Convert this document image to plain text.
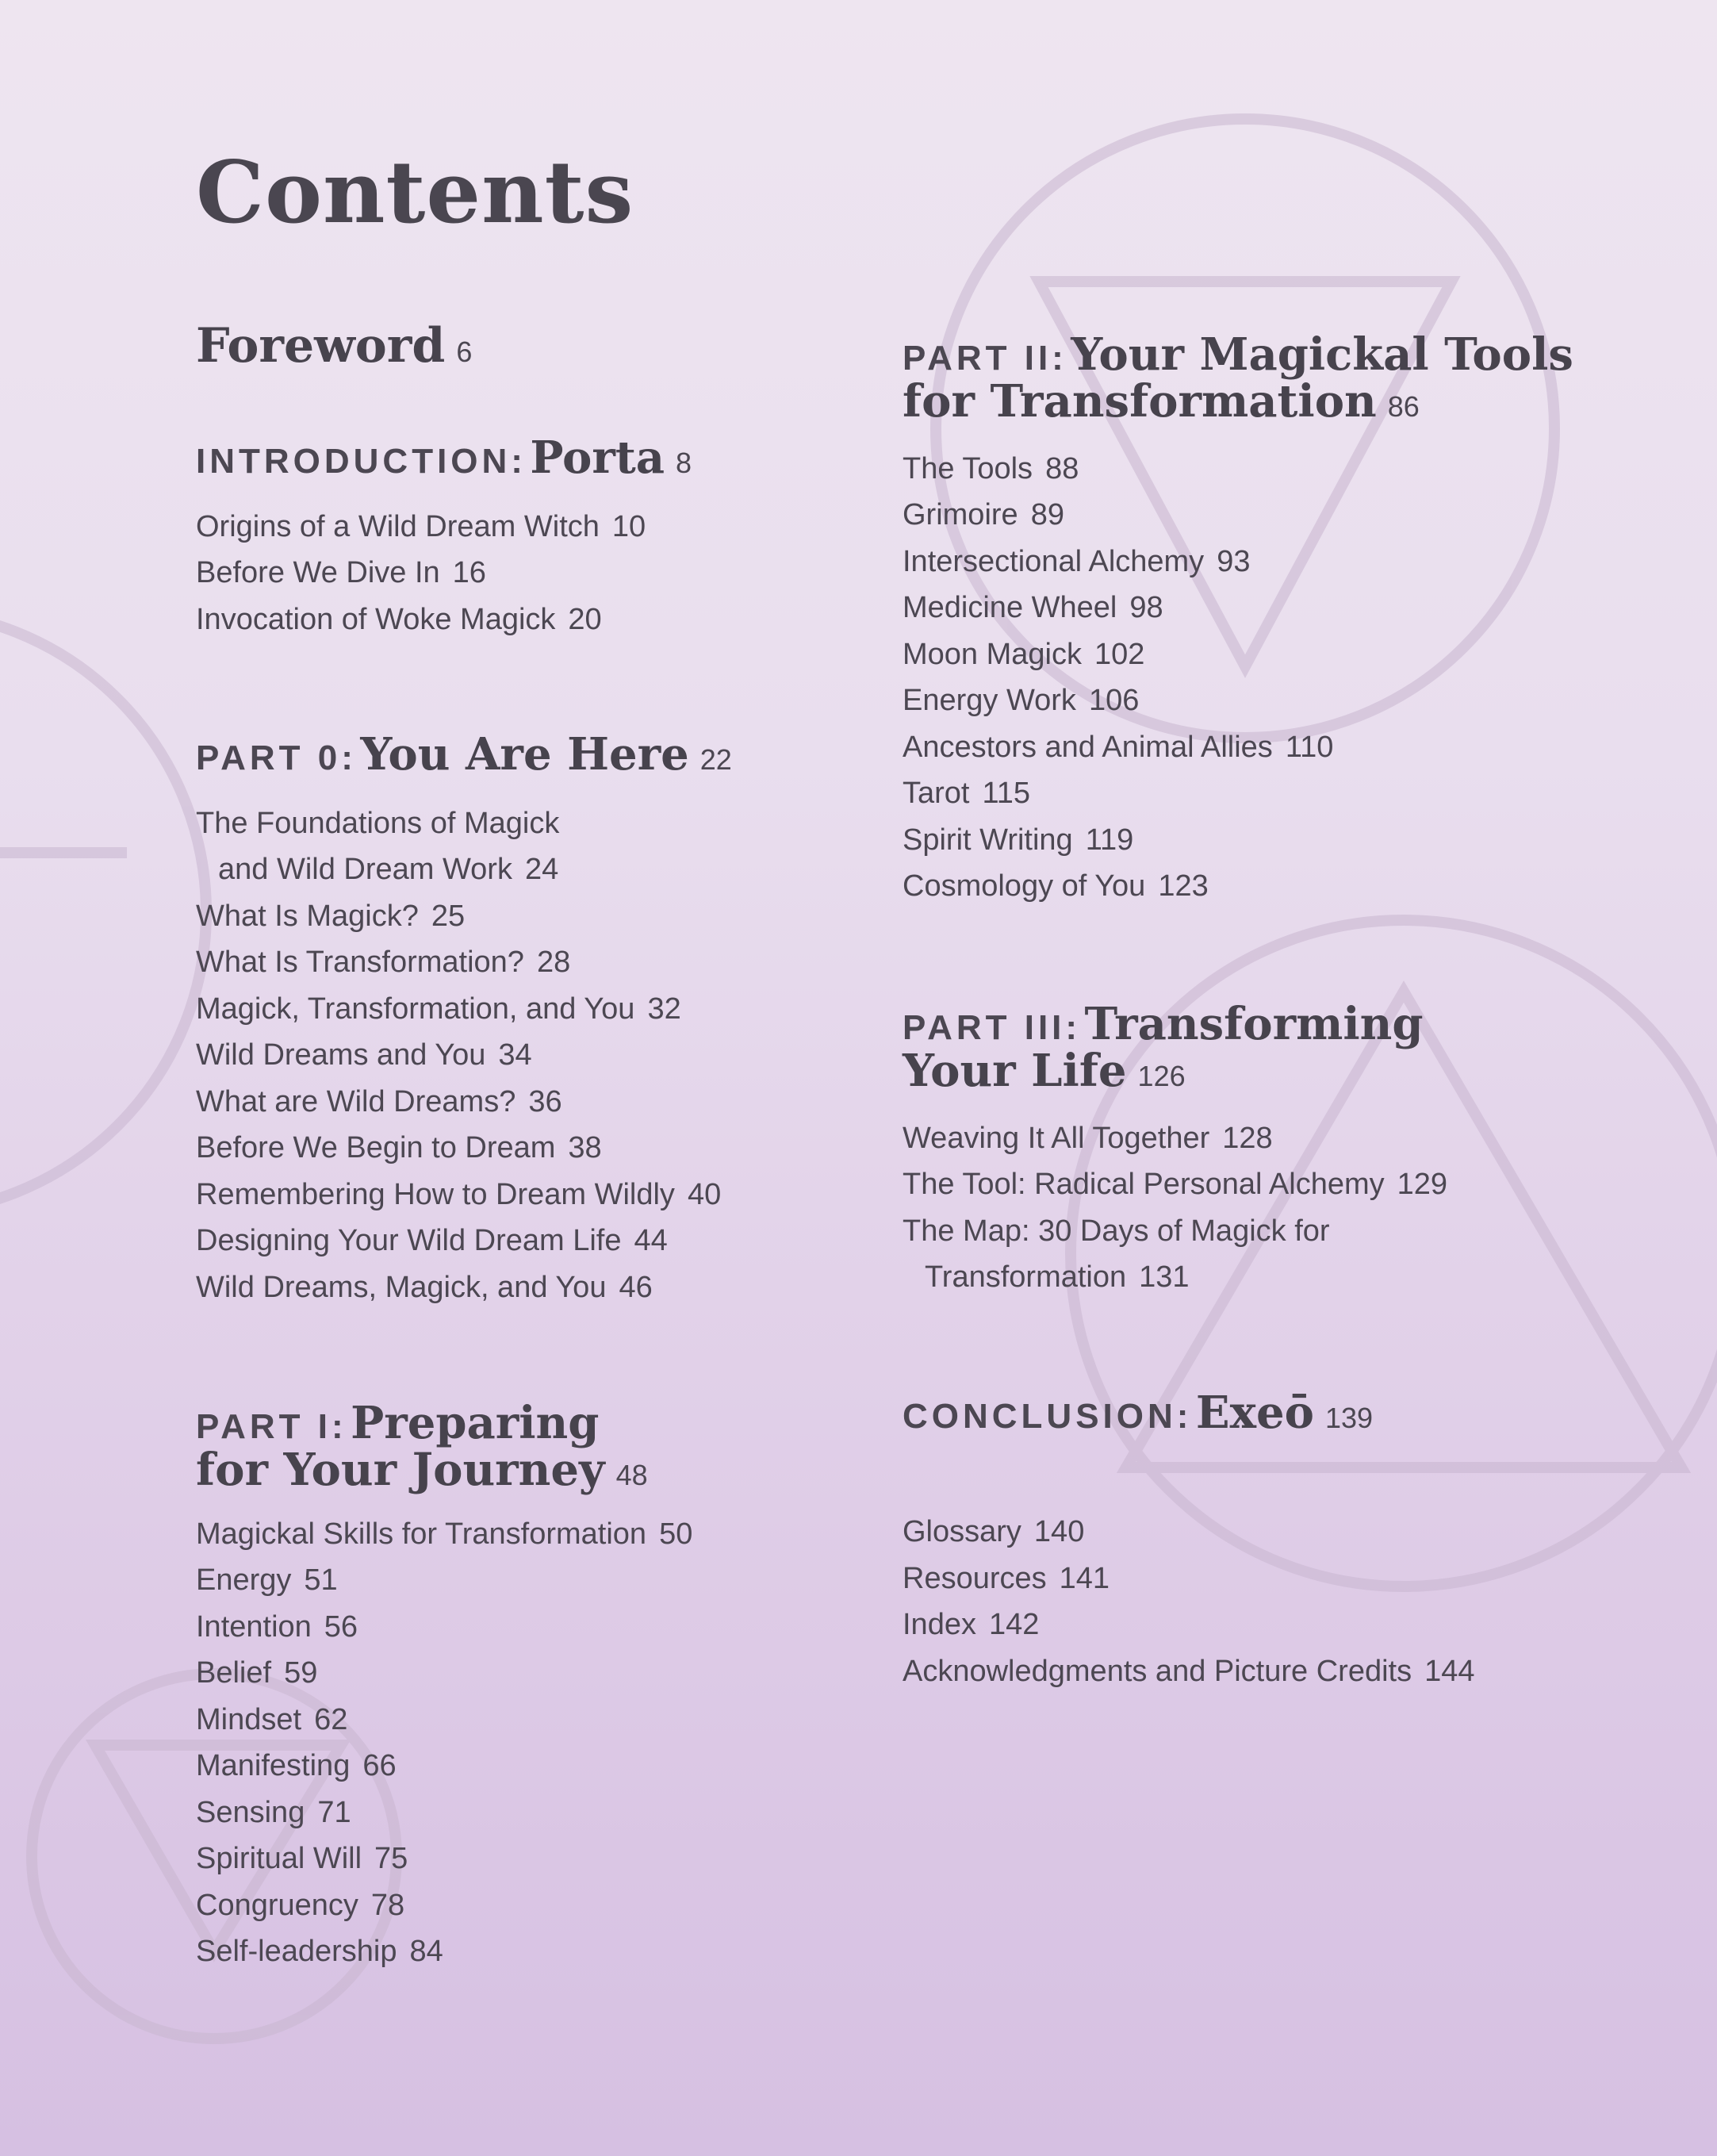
Contents

Foreword 6

INTRODUCTION: Porta 8

Origins of a Wild Dream Witch 10
Before We Dive In 16
Invocation of Woke Magick 20

PART 0: You Are Here 22

The Foundations of Magick
and Wild Dream Work 24
What Is Magick? 25
What Is Transformation? 28
Magick, Transformation, and You 32
Wild Dreams and You 34
What are Wild Dreams? 36
Before We Begin to Dream 38
Remembering How to Dream Wildly 40
Designing Your Wild Dream Life 44
Wild Dreams, Magick, and You 46

PART I: Preparing
for Your Journey 48

Magickal Skills for Transformation 50
Energy 51
Intention 56
Belief 59
Mindset 62
Manifesting 66
Sensing 71
Spiritual Will 75
Congruency 78
Self-leadership 84

PART II: Your Magickal Tools
for Transformation 86

The Tools 88
Grimoire 89
Intersectional Alchemy 93
Medicine Wheel 98
Moon Magick 102
Energy Work 106
Ancestors and Animal Allies 110
Tarot 115
Spirit Writing 119
Cosmology of You 123

PART III: Transforming
Your Life 126

Weaving It All Together 128
The Tool: Radical Personal Alchemy 129
The Map: 30 Days of Magick for
Transformation 131

CONCLUSION: Exeō 139

Glossary 140
Resources 141
Index 142
Acknowledgments and Picture Credits 144
